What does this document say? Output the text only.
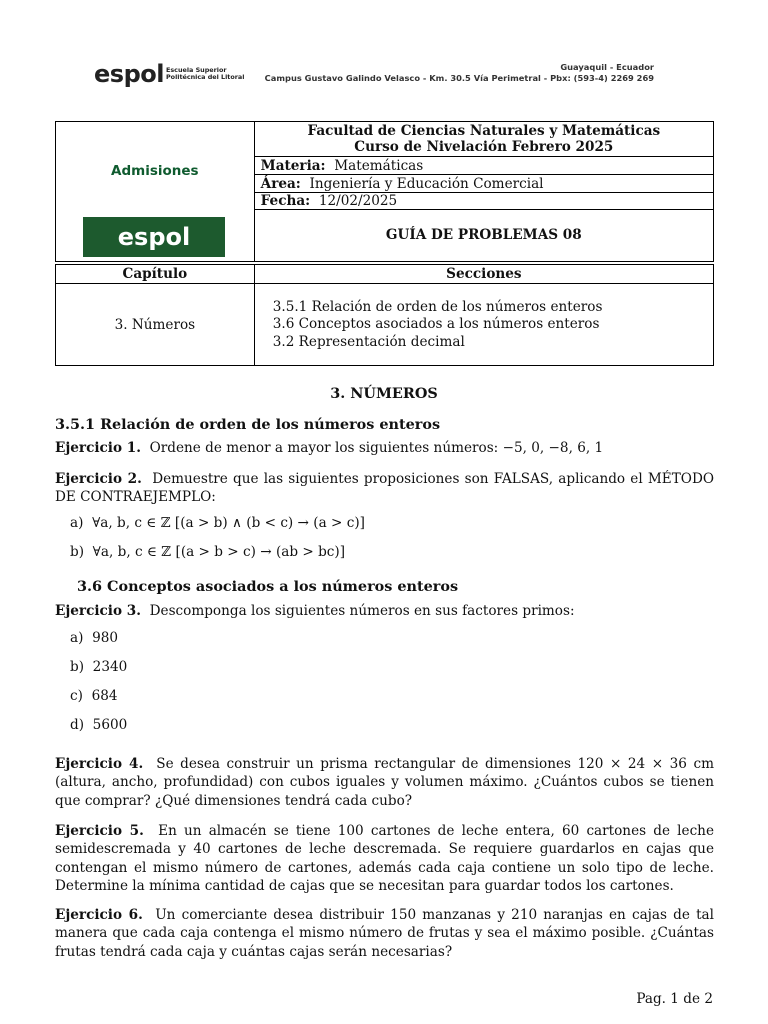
espol Escuela Superior
Politécnica del Litoral
Guayaquil - Ecuador
Campus Gustavo Galindo Velasco - Km. 30.5 Vía Perimetral - Pbx: (593-4) 2269 269
Admisiones
espol

Facultad de Ciencias Naturales y Matemáticas
Curso de Nivelación Febrero 2025

Materia: Matemáticas
Área: Ingeniería y Educación Comercial
Fecha: 12/02/2025
GUÍA DE PROBLEMAS 08
Capítulo	Secciones
3. Números	3.5.1 Relación de orden de los números enteros
3.6 Conceptos asociados a los números enteros
3.2 Representación decimal
3. NÚMEROS
3.5.1 Relación de orden de los números enteros

Ejercicio 1. Ordene de menor a mayor los siguientes números: −5, 0, −8, 6, 1

Ejercicio 2. Demuestre que las siguientes proposiciones son FALSAS, aplicando el MÉTODO DE CONTRAEJEMPLO:

a) ∀a, b, c ∈ ℤ [(a > b) ∧ (b < c) → (a > c)]
b) ∀a, b, c ∈ ℤ [(a > b > c) → (ab > bc)]
3.6 Conceptos asociados a los números enteros

Ejercicio 3. Descomponga los siguientes números en sus factores primos:

a) 980
b) 2340
c) 684
d) 5600

Ejercicio 4. Se desea construir un prisma rectangular de dimensiones 120 × 24 × 36 cm (altura, ancho, profundidad) con cubos iguales y volumen máximo. ¿Cuántos cubos se tienen que comprar? ¿Qué dimensiones tendrá cada cubo?

Ejercicio 5. En un almacén se tiene 100 cartones de leche entera, 60 cartones de leche semidescremada y 40 cartones de leche descremada. Se requiere guardarlos en cajas que contengan el mismo número de cartones, además cada caja contiene un solo tipo de leche. Determine la mínima cantidad de cajas que se necesitan para guardar todos los cartones.

Ejercicio 6. Un comerciante desea distribuir 150 manzanas y 210 naranjas en cajas de tal manera que cada caja contenga el mismo número de frutas y sea el máximo posible. ¿Cuántas frutas tendrá cada caja y cuántas cajas serán necesarias?

Pag. 1 de 2
